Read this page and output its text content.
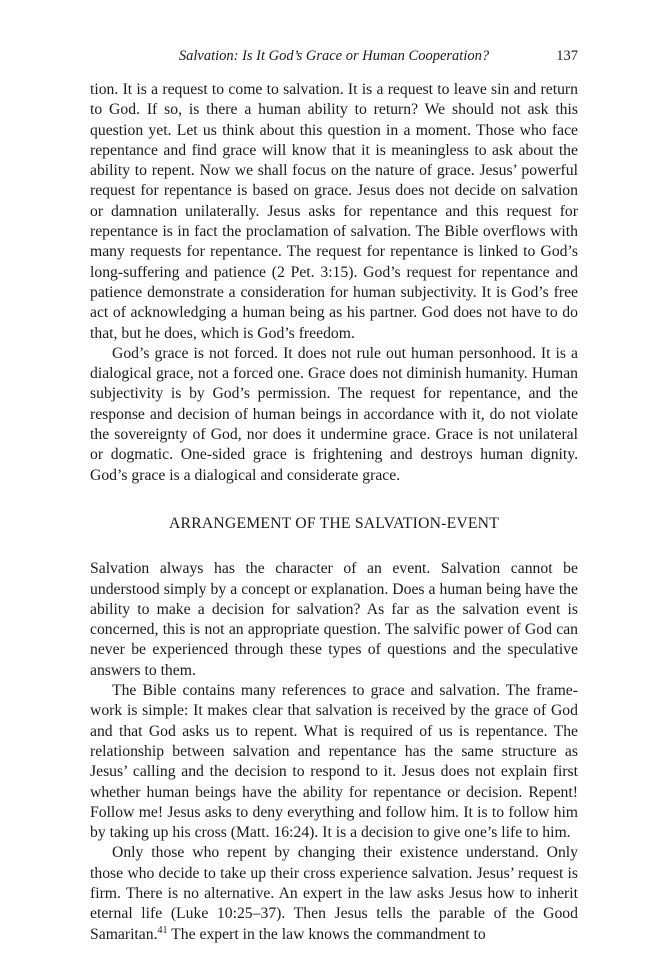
Salvation: Is It God’s Grace or Human Cooperation?	137

tion. It is a request to come to salvation. It is a request to leave sin and return to God. If so, is there a human ability to return? We should not ask this question yet. Let us think about this question in a moment. Those who face repentance and find grace will know that it is meaningless to ask about the ability to repent. Now we shall focus on the nature of grace. Jesus’ powerful request for repentance is based on grace. Jesus does not decide on salvation or damnation unilaterally. Jesus asks for repentance and this request for repentance is in fact the proclamation of salvation. The Bible overflows with many requests for repentance. The request for repentance is linked to God’s long-suffering and patience (2 Pet. 3:15). God’s request for repentance and patience demonstrate a consideration for human subjectivity. It is God’s free act of acknowledging a human being as his partner. God does not have to do that, but he does, which is God’s freedom.

God’s grace is not forced. It does not rule out human personhood. It is a dialogical grace, not a forced one. Grace does not diminish humanity. Human subjectivity is by God’s permission. The request for repentance, and the response and decision of human beings in accordance with it, do not violate the sovereignty of God, nor does it undermine grace. Grace is not unilateral or dogmatic. One-sided grace is frightening and destroys human dignity. God’s grace is a dialogical and considerate grace.

ARRANGEMENT OF THE SALVATION-EVENT

Salvation always has the character of an event. Salvation cannot be understood simply by a concept or explanation. Does a human being have the ability to make a decision for salvation? As far as the salvation event is concerned, this is not an appropriate question. The salvific power of God can never be experienced through these types of questions and the speculative answers to them.

The Bible contains many references to grace and salvation. The framework is simple: It makes clear that salvation is received by the grace of God and that God asks us to repent. What is required of us is repentance. The relationship between salvation and repentance has the same structure as Jesus’ calling and the decision to respond to it. Jesus does not explain first whether human beings have the ability for repentance or decision. Repent! Follow me! Jesus asks to deny everything and follow him. It is to follow him by taking up his cross (Matt. 16:24). It is a decision to give one’s life to him.

Only those who repent by changing their existence understand. Only those who decide to take up their cross experience salvation. Jesus’ request is firm. There is no alternative. An expert in the law asks Jesus how to inherit eternal life (Luke 10:25–37). Then Jesus tells the parable of the Good Samaritan.$^{41}$ The expert in the law knows the commandment to
